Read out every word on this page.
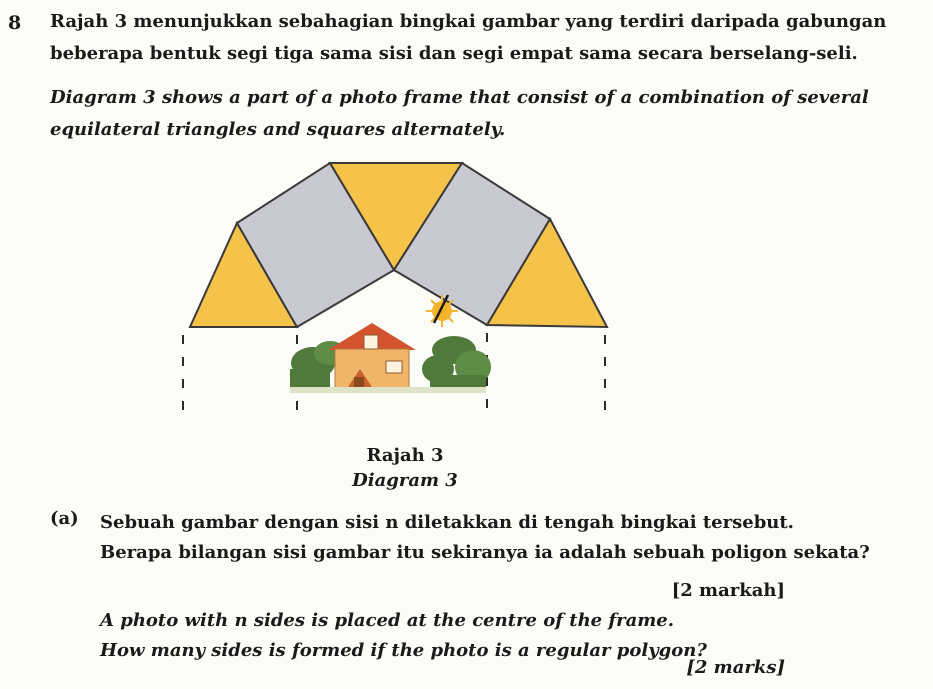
8 Rajah 3 menunjukkan sebahagian bingkai gambar yang terdiri daripada gabungan
beberapa bentuk segi tiga sama sisi dan segi empat sama secara berselang-seli.
Diagram 3 shows a part of a photo frame that consist of a combination of several
equilateral triangles and squares alternately.
Rajah 3
Diagram 3
(a) Sebuah gambar dengan sisi n diletakkan di tengah bingkai tersebut.
Berapa bilangan sisi gambar itu sekiranya ia adalah sebuah poligon sekata?
[2 markah]
A photo with n sides is placed at the centre of the frame.
How many sides is formed if the photo is a regular polygon?
[2 marks]
